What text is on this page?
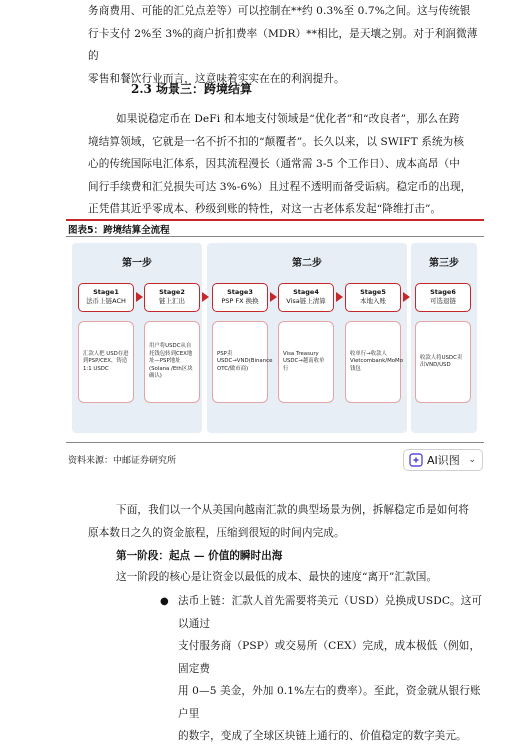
务商费用、可能的汇兑点差等）可以控制在**约 0.3%至 0.7%之间。这与传统银

行卡支付 2%至 3%的商户折扣费率（MDR）**相比，是天壤之别。对于利润微薄的

零售和餐饮行业而言，这意味着实实在在的利润提升。

2.3 场景三：跨境结算

如果说稳定币在 DeFi 和本地支付领域是“优化者”和“改良者”，那么在跨

境结算领域，它就是一名不折不扣的“颠覆者”。长久以来，以 SWIFT 系统为核

心的传统国际电汇体系，因其流程漫长（通常需 3-5 个工作日）、成本高昂（中

间行手续费和汇兑损失可达 3%-6%）且过程不透明而备受诟病。稳定币的出现，

正凭借其近乎零成本、秒级到账的特性，对这一古老体系发起“降维打击”。

图表5：跨境结算全流程
第一步	第二步	第三步
Stage1
法币上链ACH
Stage2
链上汇出
Stage3
PSP FX 换换
Stage4
Visa链上清算
Stage5
本地入账
Stage6
可选退链
汇款人把 USD存进到PSP/CEX，铸造1:1 USDC
用户将USDC从自托钱包转到CEX地址—PSP地址(Solana /Eth区块确认)
PSP卖USDC→VND(Binance OTC/做市商)
Visa Treasury USDC→越南收单行
收单行→收款人Vietcombank/MoMo钱包
收款人将USDC卖出VND/USD
资料来源：中邮证券研究所	AI识图 ⌄

下面，我们以一个从美国向越南汇款的典型场景为例，拆解稳定币是如何将

原本数日之久的资金旅程，压缩到很短的时间内完成。

第一阶段：起点 — 价值的瞬时出海

这一阶段的核心是让资金以最低的成本、最快的速度“离开”汇款国。

● 法币上链：汇款人首先需要将美元（USD）兑换成USDC。这可以通过

支付服务商（PSP）或交易所（CEX）完成，成本极低（例如，固定费

用 0—5 美金，外加 0.1%左右的费率）。至此，资金就从银行账户里

的数字，变成了全球区块链上通行的、价值稳定的数字美元。
